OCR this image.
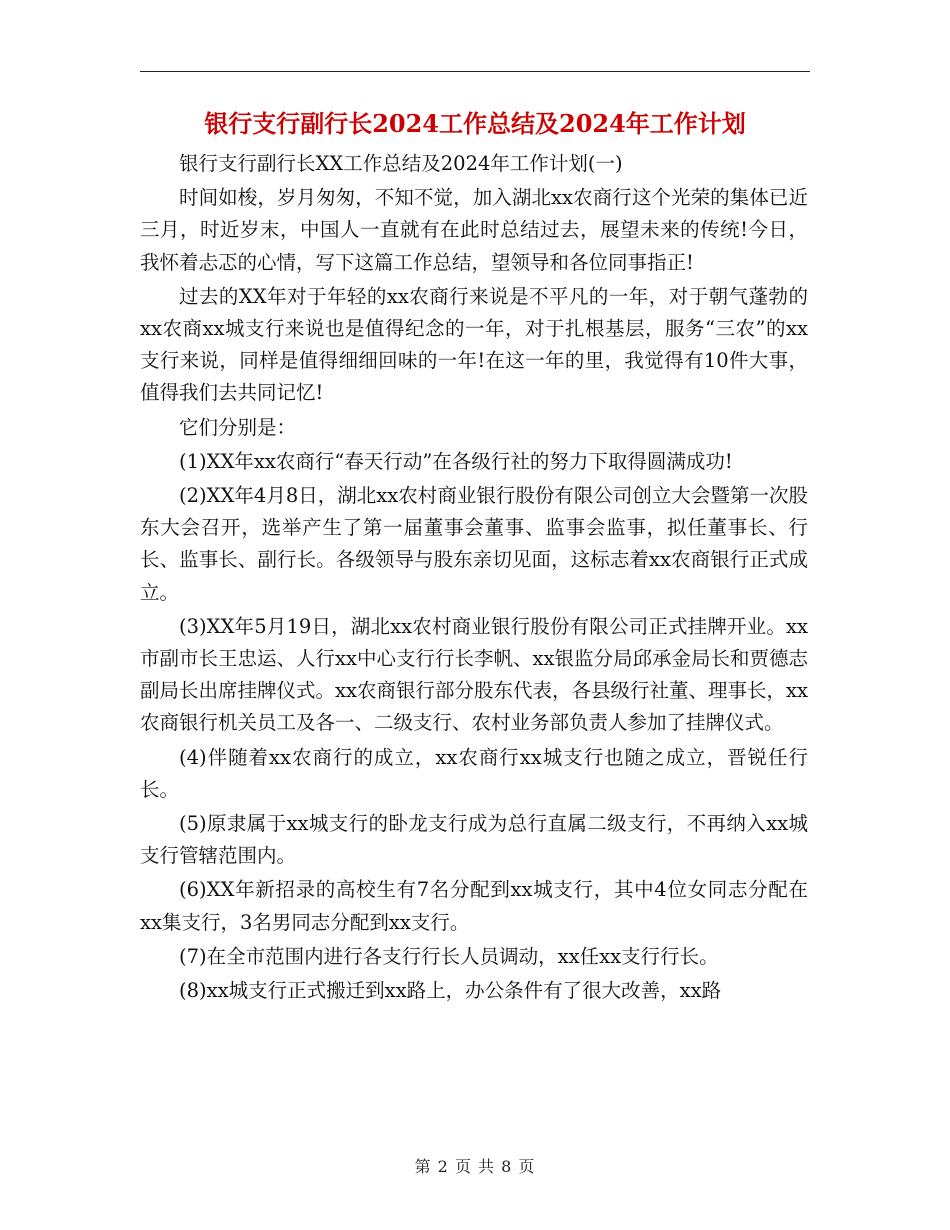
银行支行副行长2024工作总结及2024年工作计划

银行支行副行长XX工作总结及2024年工作计划(一)

时间如梭，岁月匆匆，不知不觉，加入湖北xx农商行这个光荣的集体已近三月，时近岁末，中国人一直就有在此时总结过去，展望未来的传统!今日，我怀着忐忑的心情，写下这篇工作总结，望领导和各位同事指正!

过去的XX年对于年轻的xx农商行来说是不平凡的一年，对于朝气蓬勃的xx农商xx城支行来说也是值得纪念的一年，对于扎根基层，服务“三农”的xx支行来说，同样是值得细细回味的一年!在这一年的里，我觉得有10件大事，值得我们去共同记忆!

它们分别是：

(1)XX年xx农商行“春天行动”在各级行社的努力下取得圆满成功!

(2)XX年4月8日，湖北xx农村商业银行股份有限公司创立大会暨第一次股东大会召开，选举产生了第一届董事会董事、监事会监事，拟任董事长、行长、监事长、副行长。各级领导与股东亲切见面，这标志着xx农商银行正式成立。

(3)XX年5月19日，湖北xx农村商业银行股份有限公司正式挂牌开业。xx市副市长王忠运、人行xx中心支行行长李帆、xx银监分局邱承金局长和贾德志副局长出席挂牌仪式。xx农商银行部分股东代表，各县级行社董、理事长，xx农商银行机关员工及各一、二级支行、农村业务部负责人参加了挂牌仪式。

(4)伴随着xx农商行的成立，xx农商行xx城支行也随之成立，晋锐任行长。

(5)原隶属于xx城支行的卧龙支行成为总行直属二级支行，不再纳入xx城支行管辖范围内。

(6)XX年新招录的高校生有7名分配到xx城支行，其中4位女同志分配在xx集支行，3名男同志分配到xx支行。

(7)在全市范围内进行各支行行长人员调动，xx任xx支行行长。

(8)xx城支行正式搬迁到xx路上，办公条件有了很大改善，xx路

第 2 页 共 8 页
